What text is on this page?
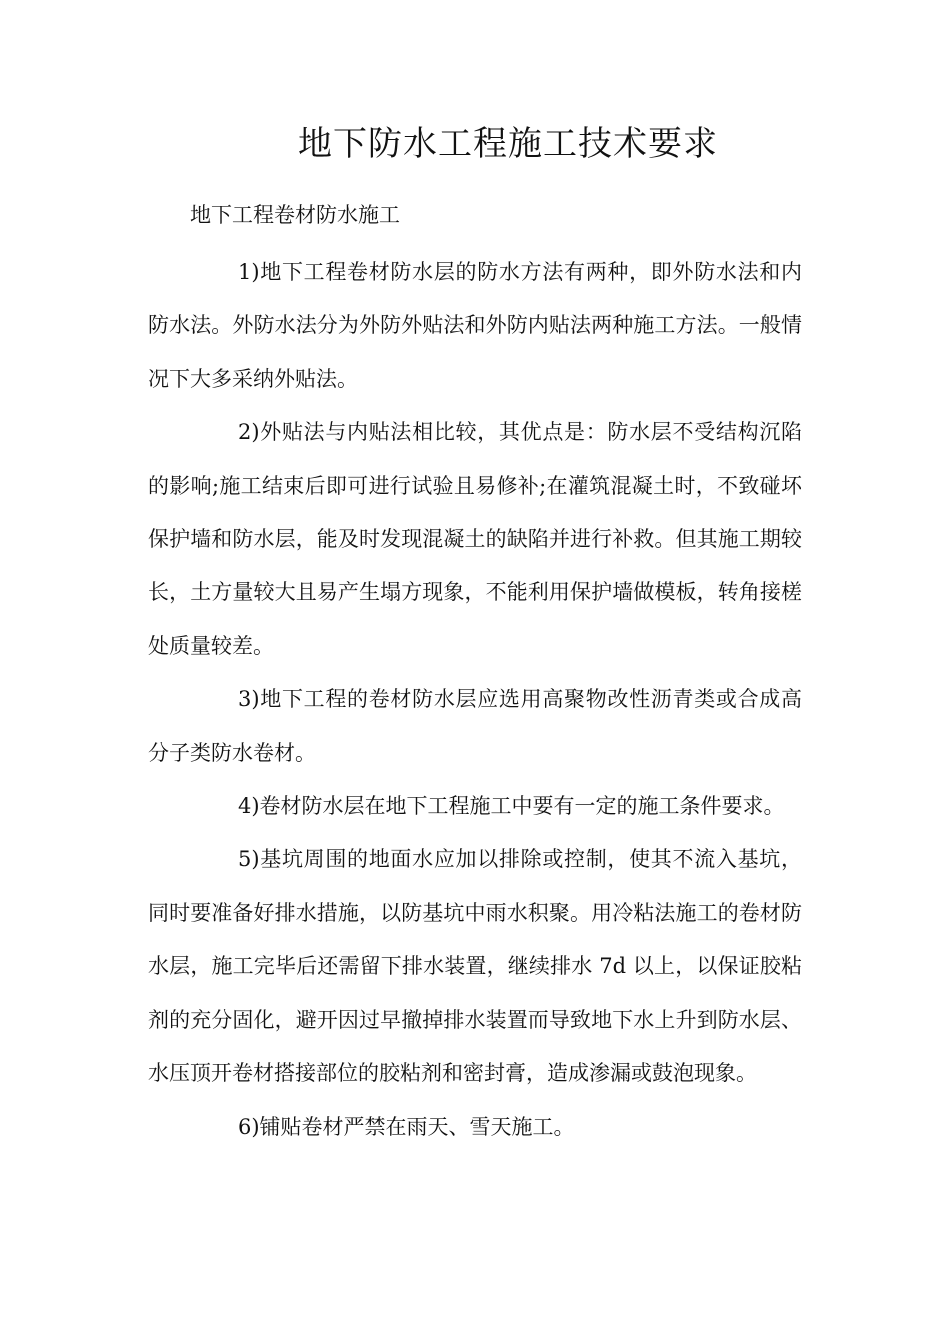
地下防水工程施工技术要求
地下工程卷材防水施工

1)地下工程卷材防水层的防水方法有两种，即外防水法和内防水法。外防水法分为外防外贴法和外防内贴法两种施工方法。一般情况下大多采纳外贴法。

2)外贴法与内贴法相比较，其优点是：防水层不受结构沉陷的影响;施工结束后即可进行试验且易修补;在灌筑混凝土时，不致碰坏保护墙和防水层，能及时发现混凝土的缺陷并进行补救。但其施工期较长，土方量较大且易产生塌方现象，不能利用保护墙做模板，转角接槎处质量较差。

3)地下工程的卷材防水层应选用高聚物改性沥青类或合成高分子类防水卷材。

4)卷材防水层在地下工程施工中要有一定的施工条件要求。

5)基坑周围的地面水应加以排除或控制，使其不流入基坑，同时要准备好排水措施，以防基坑中雨水积聚。用冷粘法施工的卷材防水层，施工完毕后还需留下排水装置，继续排水 7d 以上，以保证胶粘剂的充分固化，避开因过早撤掉排水装置而导致地下水上升到防水层、水压顶开卷材搭接部位的胶粘剂和密封膏，造成渗漏或鼓泡现象。

6)铺贴卷材严禁在雨天、雪天施工。
